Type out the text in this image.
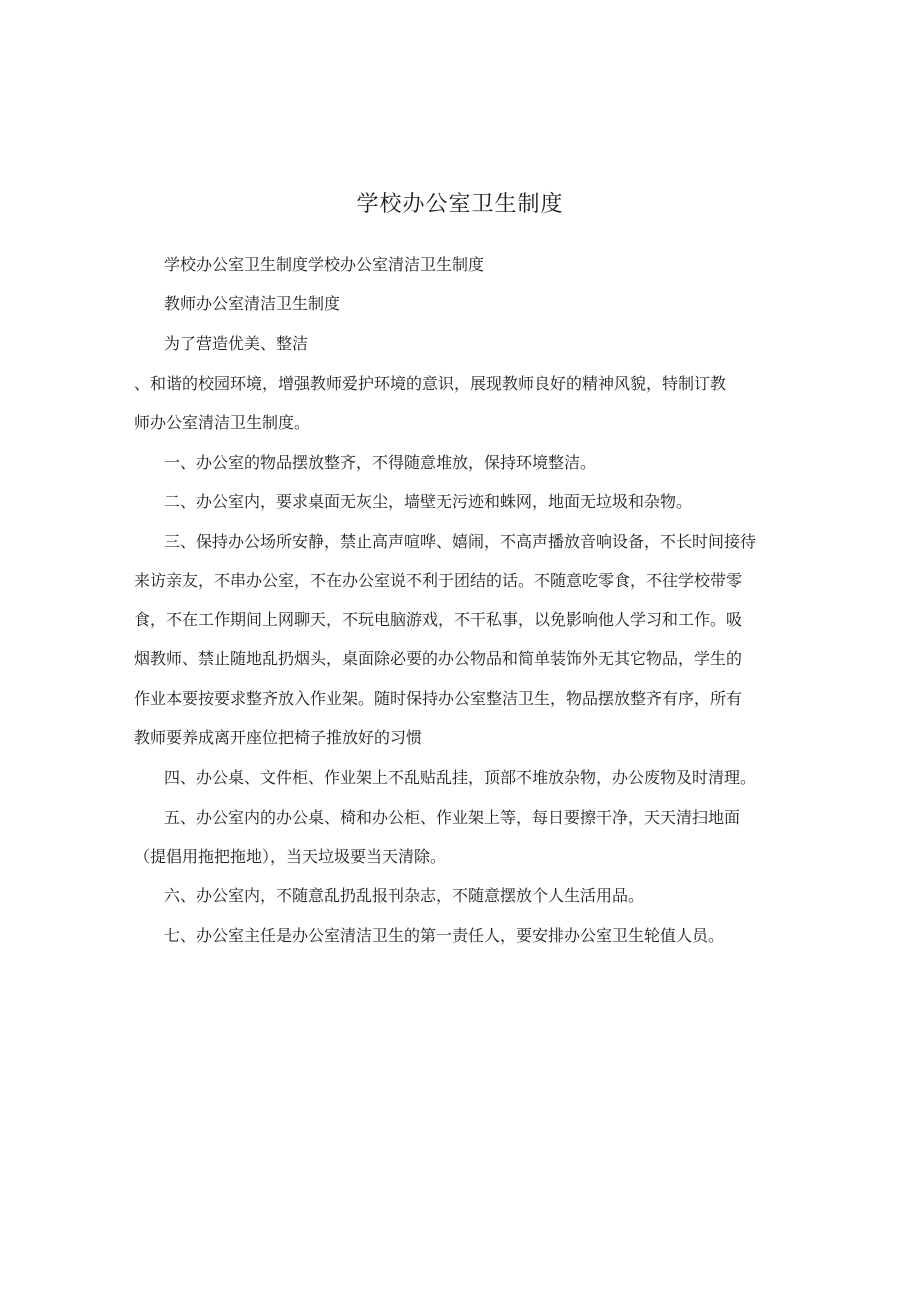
学校办公室卫生制度

学校办公室卫生制度学校办公室清洁卫生制度

教师办公室清洁卫生制度

为了营造优美、整洁

、和谐的校园环境，增强教师爱护环境的意识，展现教师良好的精神风貌，特制订教

师办公室清洁卫生制度。

一、办公室的物品摆放整齐，不得随意堆放，保持环境整洁。

二、办公室内，要求桌面无灰尘，墙壁无污迹和蛛网，地面无垃圾和杂物。

三、保持办公场所安静，禁止高声喧哗、嬉闹，不高声播放音响设备，不长时间接待

来访亲友，不串办公室，不在办公室说不利于团结的话。不随意吃零食，不往学校带零

食，不在工作期间上网聊天，不玩电脑游戏，不干私事，以免影响他人学习和工作。吸

烟教师、禁止随地乱扔烟头，桌面除必要的办公物品和简单装饰外无其它物品，学生的

作业本要按要求整齐放入作业架。随时保持办公室整洁卫生，物品摆放整齐有序，所有

教师要养成离开座位把椅子推放好的习惯

四、办公桌、文件柜、作业架上不乱贴乱挂，顶部不堆放杂物，办公废物及时清理。

五、办公室内的办公桌、椅和办公柜、作业架上等，每日要擦干净，天天清扫地面

（提倡用拖把拖地），当天垃圾要当天清除。

六、办公室内，不随意乱扔乱报刊杂志，不随意摆放个人生活用品。

七、办公室主任是办公室清洁卫生的第一责任人，要安排办公室卫生轮值人员。
